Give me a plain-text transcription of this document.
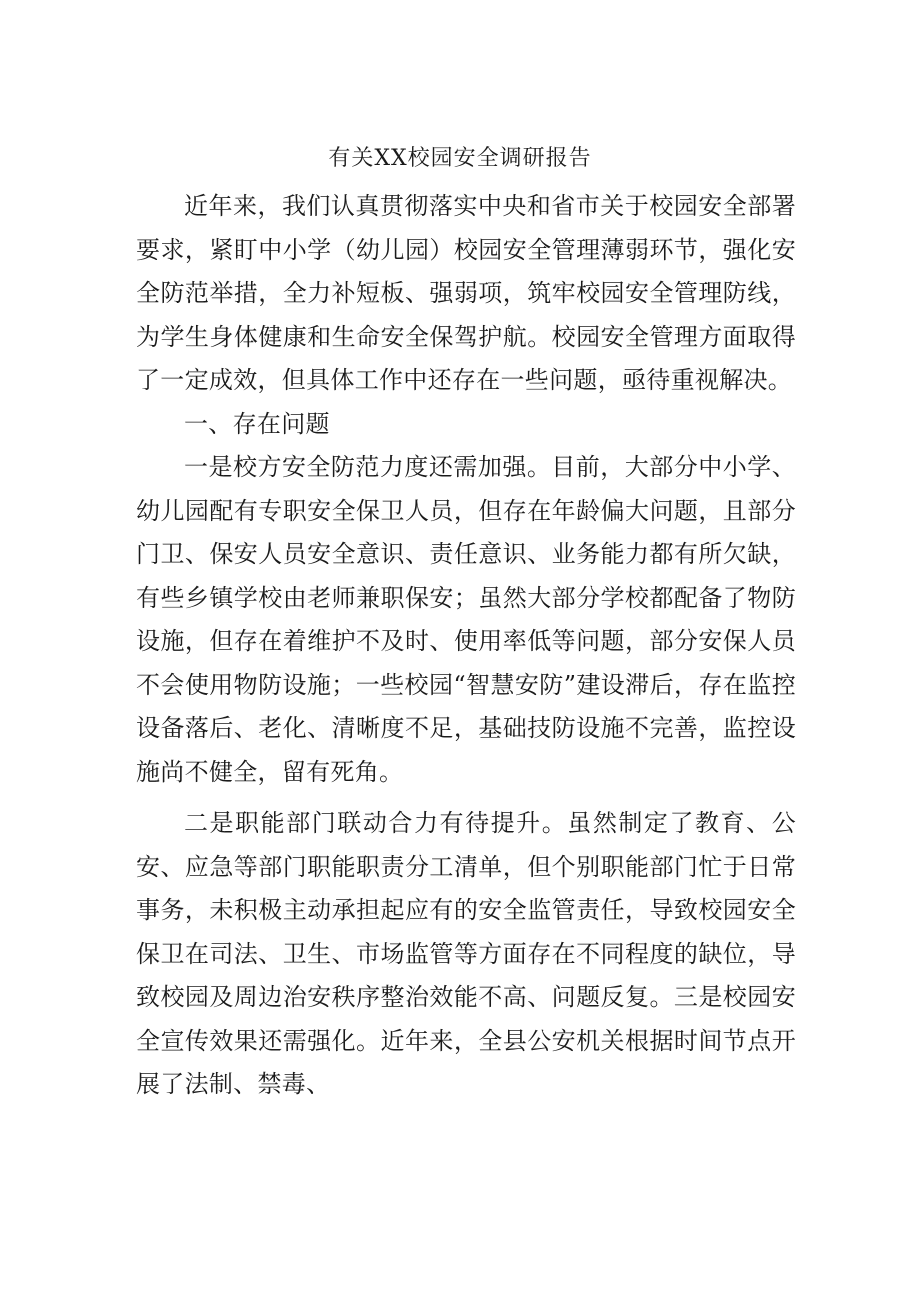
有关XX校园安全调研报告

近年来，我们认真贯彻落实中央和省市关于校园安全部署要求，紧盯中小学（幼儿园）校园安全管理薄弱环节，强化安全防范举措，全力补短板、强弱项，筑牢校园安全管理防线，为学生身体健康和生命安全保驾护航。校园安全管理方面取得了一定成效，但具体工作中还存在一些问题，亟待重视解决。

一、存在问题

一是校方安全防范力度还需加强。目前，大部分中小学、幼儿园配有专职安全保卫人员，但存在年龄偏大问题，且部分门卫、保安人员安全意识、责任意识、业务能力都有所欠缺，有些乡镇学校由老师兼职保安；虽然大部分学校都配备了物防设施，但存在着维护不及时、使用率低等问题，部分安保人员不会使用物防设施；一些校园“智慧安防”建设滞后，存在监控设备落后、老化、清晰度不足，基础技防设施不完善，监控设施尚不健全，留有死角。

二是职能部门联动合力有待提升。虽然制定了教育、公安、应急等部门职能职责分工清单，但个别职能部门忙于日常事务，未积极主动承担起应有的安全监管责任，导致校园安全保卫在司法、卫生、市场监管等方面存在不同程度的缺位，导致校园及周边治安秩序整治效能不高、问题反复。三是校园安全宣传效果还需强化。近年来，全县公安机关根据时间节点开展了法制、禁毒、
